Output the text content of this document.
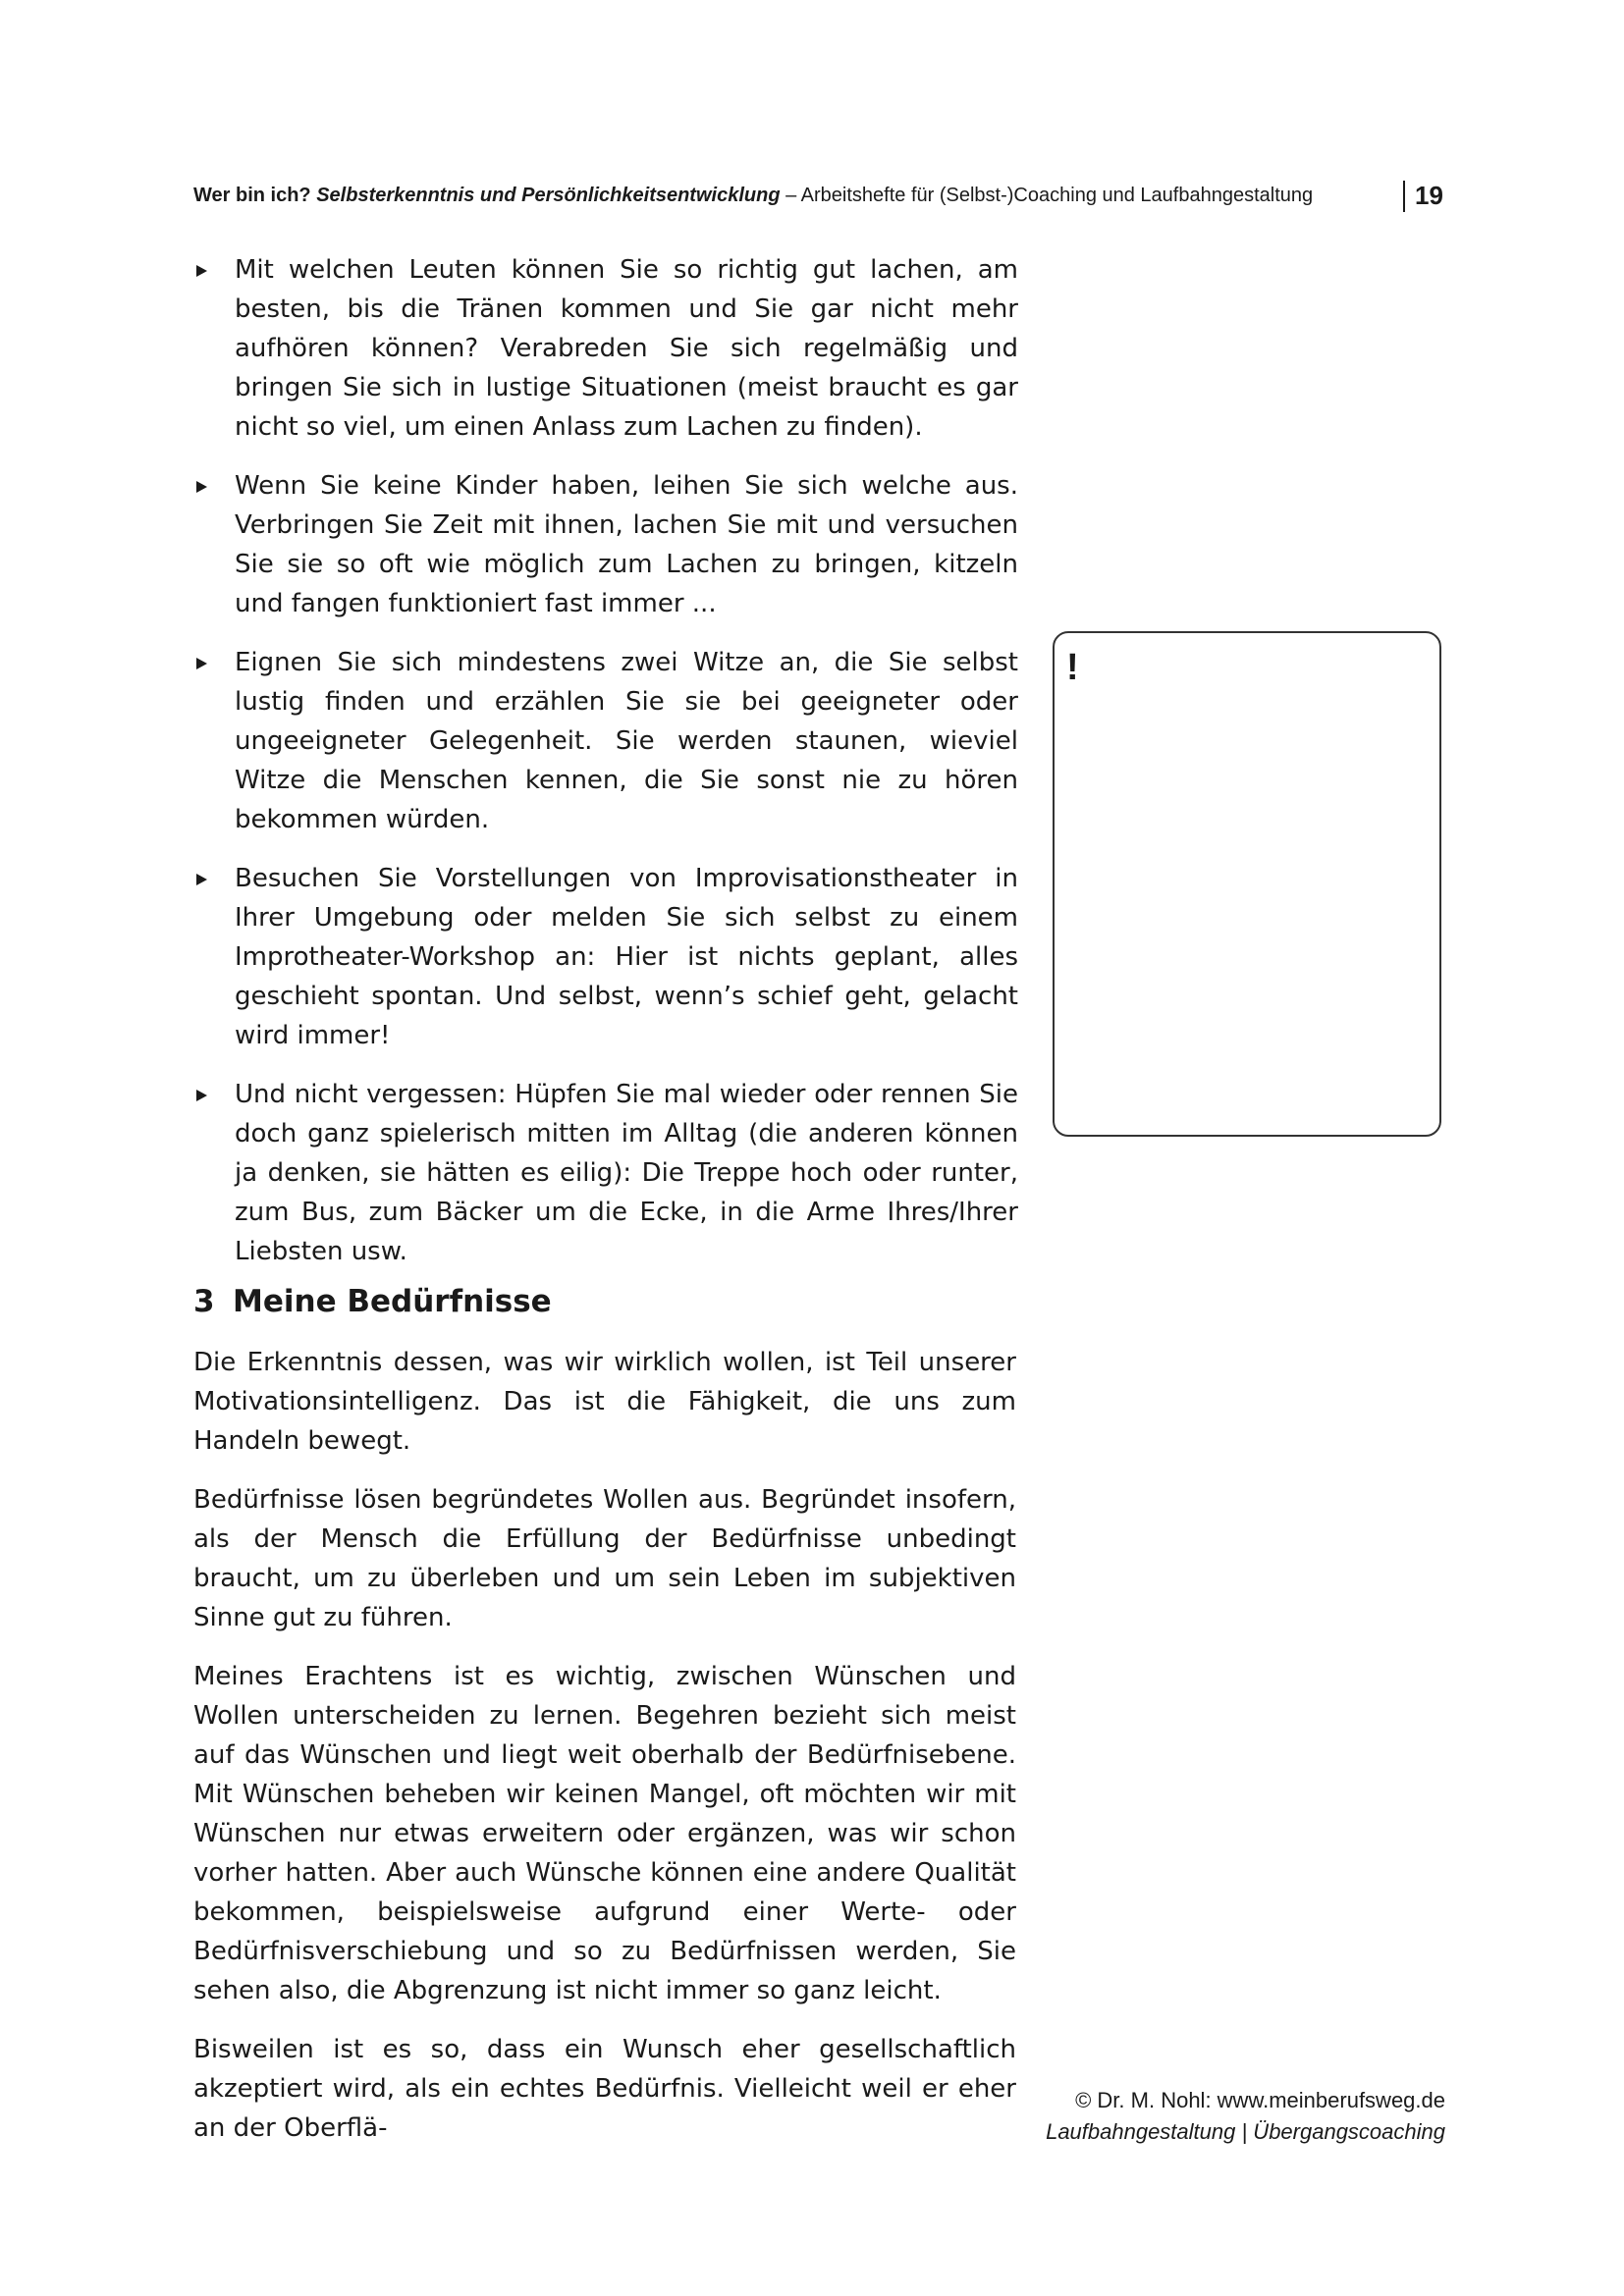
Wer bin ich? Selbsterkenntnis und Persönlichkeitsentwicklung – Arbeitshefte für (Selbst-)Coaching und Laufbahngestaltung	19
Mit welchen Leuten können Sie so richtig gut lachen, am besten, bis die Tränen kommen und Sie gar nicht mehr aufhören können? Verabreden Sie sich regelmäßig und bringen Sie sich in lustige Situationen (meist braucht es gar nicht so viel, um einen Anlass zum Lachen zu finden).
Wenn Sie keine Kinder haben, leihen Sie sich welche aus. Verbringen Sie Zeit mit ihnen, lachen Sie mit und versuchen Sie sie so oft wie möglich zum Lachen zu bringen, kitzeln und fangen funktioniert fast immer ...
Eignen Sie sich mindestens zwei Witze an, die Sie selbst lustig finden und erzählen Sie sie bei geeigneter oder ungeeigneter Gelegenheit. Sie werden staunen, wieviel Witze die Menschen kennen, die Sie sonst nie zu hören bekommen würden.
Besuchen Sie Vorstellungen von Improvisationstheater in Ihrer Umgebung oder melden Sie sich selbst zu einem Improtheater-Workshop an: Hier ist nichts geplant, alles geschieht spontan. Und selbst, wenn’s schief geht, gelacht wird immer!
Und nicht vergessen: Hüpfen Sie mal wieder oder rennen Sie doch ganz spielerisch mitten im Alltag (die anderen können ja denken, sie hätten es eilig): Die Treppe hoch oder runter, zum Bus, zum Bäcker um die Ecke, in die Arme Ihres/Ihrer Liebsten usw.
!
3 Meine Bedürfnisse

Die Erkenntnis dessen, was wir wirklich wollen, ist Teil unserer Motivationsintelligenz. Das ist die Fähigkeit, die uns zum Handeln bewegt.

Bedürfnisse lösen begründetes Wollen aus. Begründet insofern, als der Mensch die Erfüllung der Bedürfnisse unbedingt braucht, um zu überleben und um sein Leben im subjektiven Sinne gut zu führen.

Meines Erachtens ist es wichtig, zwischen Wünschen und Wollen unterscheiden zu lernen. Begehren bezieht sich meist auf das Wünschen und liegt weit oberhalb der Bedürfnisebene. Mit Wünschen beheben wir keinen Mangel, oft möchten wir mit Wünschen nur etwas erweitern oder ergänzen, was wir schon vorher hatten. Aber auch Wünsche können eine andere Qualität bekommen, beispielsweise aufgrund einer Werte- oder Bedürfnisverschiebung und so zu Bedürfnissen werden, Sie sehen also, die Abgrenzung ist nicht immer so ganz leicht.

Bisweilen ist es so, dass ein Wunsch eher gesellschaftlich akzeptiert wird, als ein echtes Bedürfnis. Vielleicht weil er eher an der Oberflä-

© Dr. M. Nohl: www.meinberufsweg.de
Laufbahngestaltung | Übergangscoaching
